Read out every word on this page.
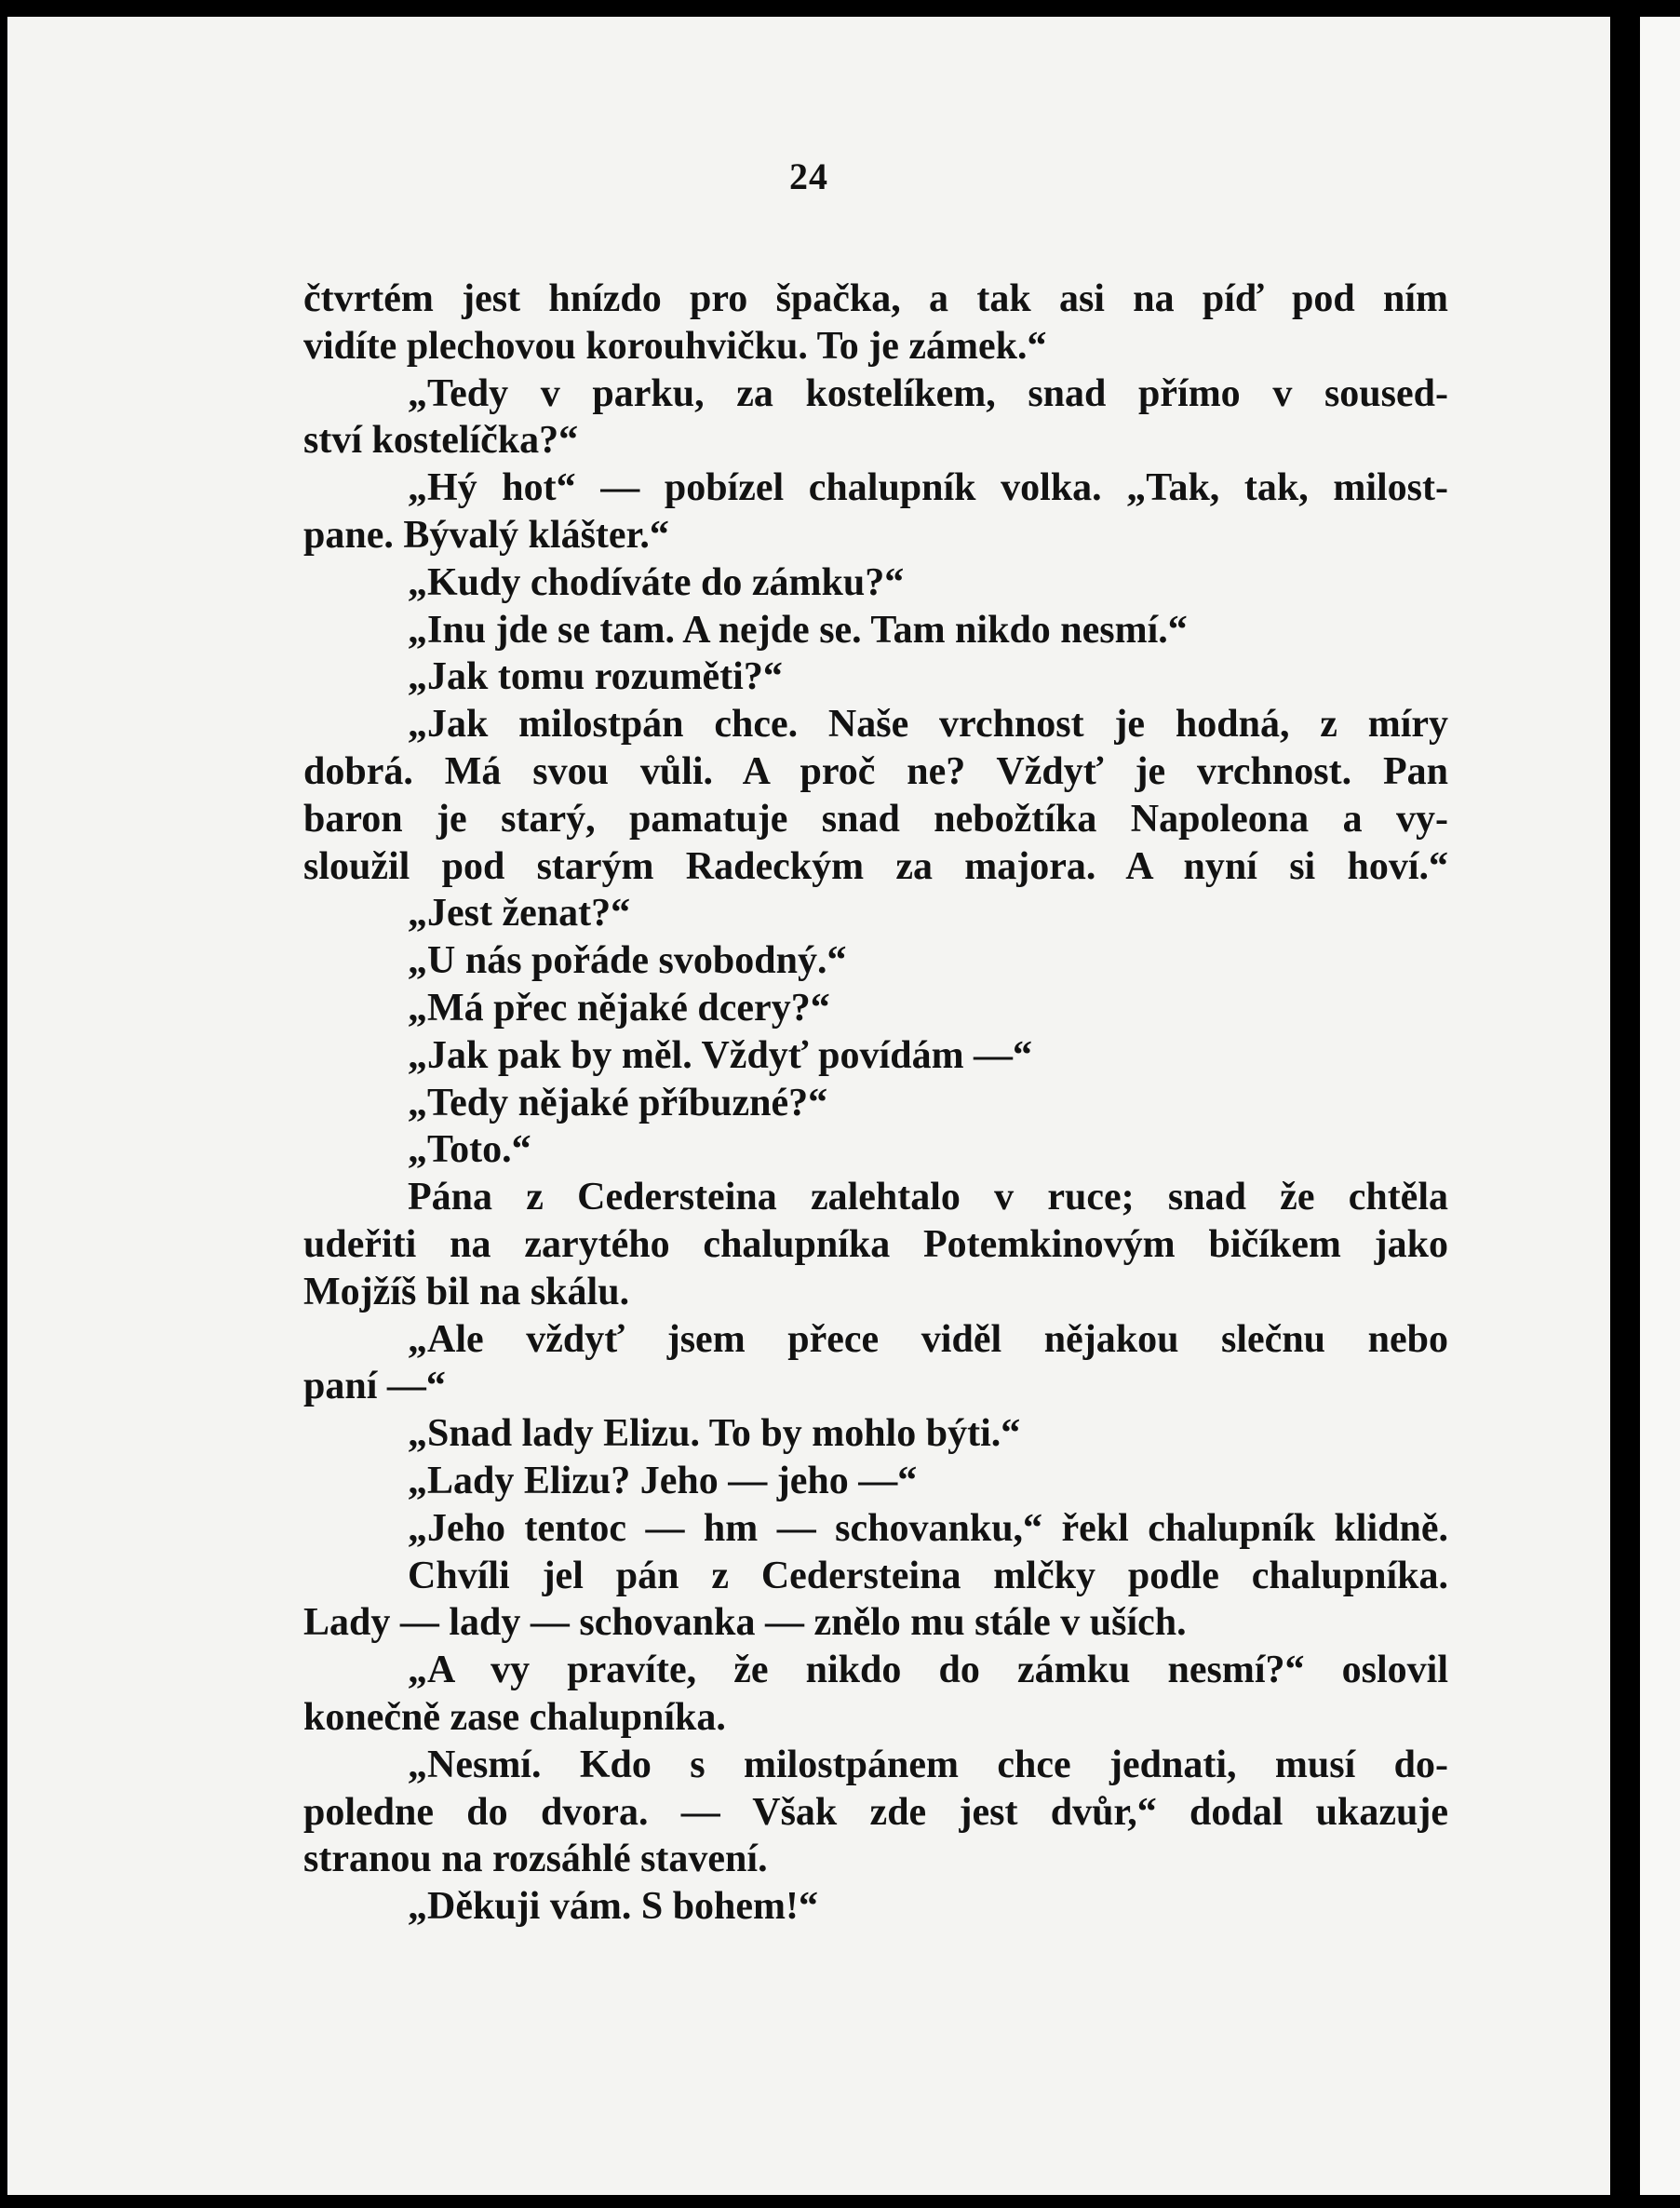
24
čtvrtém jest hnízdo pro špačka, a tak asi na píď pod ním
vidíte plechovou korouhvičku. To je zámek.“
„Tedy v parku, za kostelíkem, snad přímo v soused-
ství kostelíčka?“
„Hý hot“ — pobízel chalupník volka. „Tak, tak, milost-
pane. Bývalý klášter.“
„Kudy chodíváte do zámku?“
„Inu jde se tam. A nejde se. Tam nikdo nesmí.“
„Jak tomu rozuměti?“
„Jak milostpán chce. Naše vrchnost je hodná, z míry
dobrá. Má svou vůli. A proč ne? Vždyť je vrchnost. Pan
baron je starý, pamatuje snad nebožtíka Napoleona a vy-
sloužil pod starým Radeckým za majora. A nyní si hoví.“
„Jest ženat?“
„U nás pořáde svobodný.“
„Má přec nějaké dcery?“
„Jak pak by měl. Vždyť povídám —“
„Tedy nějaké příbuzné?“
„Toto.“
Pána z Cedersteina zalehtalo v ruce; snad že chtěla
udeřiti na zarytého chalupníka Potemkinovým bičíkem jako
Mojžíš bil na skálu.
„Ale vždyť jsem přece viděl nějakou slečnu nebo
paní —“
„Snad lady Elizu. To by mohlo býti.“
„Lady Elizu? Jeho — jeho —“
„Jeho tentoc — hm — schovanku,“ řekl chalupník klidně.
Chvíli jel pán z Cedersteina mlčky podle chalupníka.
Lady — lady — schovanka — znělo mu stále v uších.
„A vy pravíte, že nikdo do zámku nesmí?“ oslovil
konečně zase chalupníka.
„Nesmí. Kdo s milostpánem chce jednati, musí do-
poledne do dvora. — Však zde jest dvůr,“ dodal ukazuje
stranou na rozsáhlé stavení.
„Děkuji vám. S bohem!“
